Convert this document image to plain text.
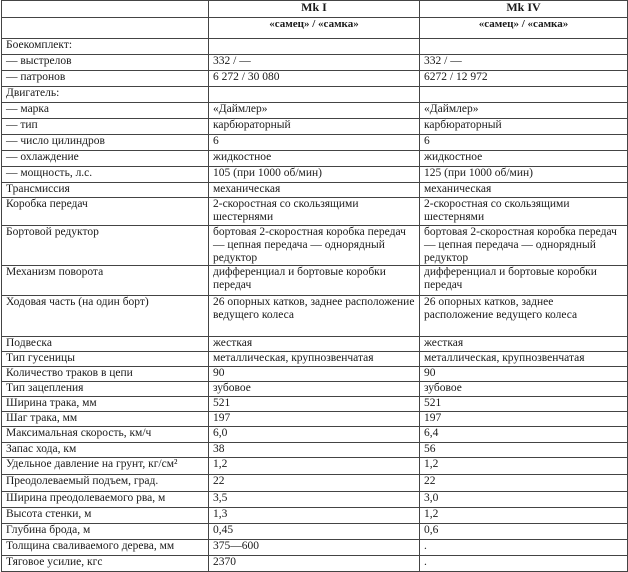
	Mk I	Mk IV
	«самец» / «самка»	«самец» / «самка»
Боекомплект:		
— выстрелов	332 / —	332 / —
— патронов	6 272 / 30 080	6272 / 12 972
Двигатель:		
— марка	«Даймлер»	«Даймлер»
— тип	карбюраторный	карбюраторный
— число цилиндров	6	6
— охлаждение	жидкостное	жидкостное
— мощность, л.с.	105 (при 1000 об/мин)	125 (при 1000 об/мин)
Трансмиссия	механическая	механическая
Коробка передач	2-скоростная со скользящими шестернями	2-скоростная со скользящими шестернями
Бортовой редуктор	бортовая 2-скоростная коробка передач — цепная передача — однорядный редуктор	бортовая 2-скоростная коробка передач — цепная передача — однорядный редуктор
Механизм поворота	дифференциал и бортовые коробки передач	дифференциал и бортовые коробки передач
Ходовая часть (на один борт)	26 опорных катков, заднее расположение ведущего колеса	26 опорных катков, заднее расположение ведущего колеса
Подвеска	жесткая	жесткая
Тип гусеницы	металлическая, крупнозвенчатая	металлическая, крупнозвенчатая
Количество траков в цепи	90	90
Тип зацепления	зубовое	зубовое
Ширина трака, мм	521	521
Шаг трака, мм	197	197
Максимальная скорость, км/ч	6,0	6,4
Запас хода, км	38	56
Удельное давление на грунт, кг/см²	1,2	1,2
Преодолеваемый подъем, град.	22	22
Ширина преодолеваемого рва, м	3,5	3,0
Высота стенки, м	1,3	1,2
Глубина брода, м	0,45	0,6
Толщина сваливаемого дерева, мм	375—600	.
Тяговое усилие, кгс	2370	.
